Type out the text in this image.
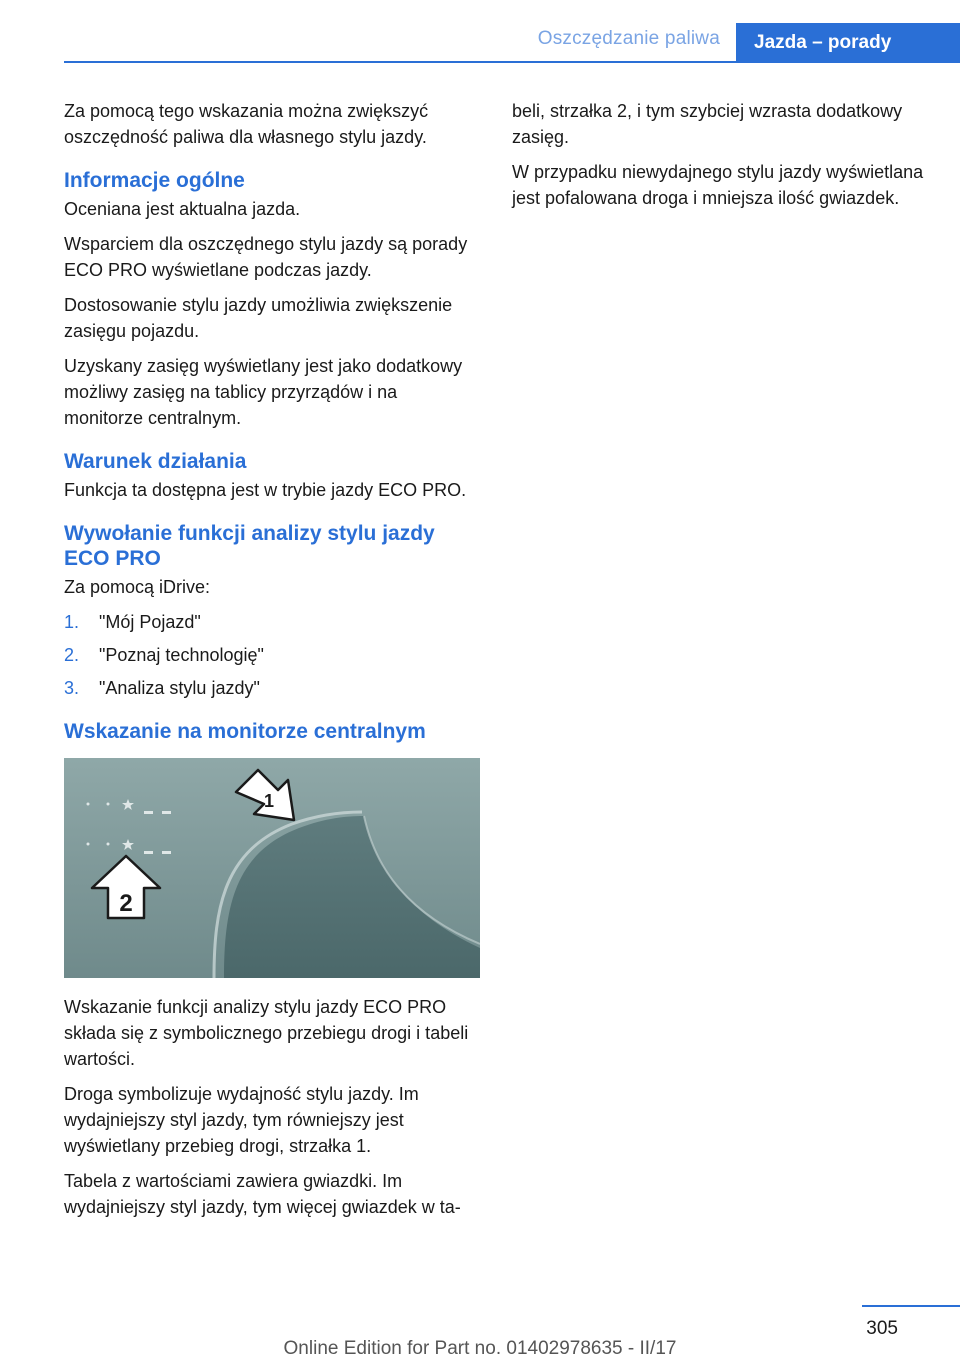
Oszczędzanie paliwa	Jazda – porady

Za pomocą tego wskazania można zwiększyć oszczędność paliwa dla własnego stylu jazdy.

Informacje ogólne

Oceniana jest aktualna jazda.

Wsparciem dla oszczędnego stylu jazdy są porady ECO PRO wyświetlane podczas jazdy.

Dostosowanie stylu jazdy umożliwia zwiększenie zasięgu pojazdu.

Uzyskany zasięg wyświetlany jest jako dodatkowy możliwy zasięg na tablicy przyrządów i na monitorze centralnym.

Warunek działania

Funkcja ta dostępna jest w trybie jazdy ECO PRO.

Wywołanie funkcji analizy stylu jazdy ECO PRO

Za pomocą iDrive:

1.	"Mój Pojazd"
2.	"Poznaj technologię"
3.	"Analiza stylu jazdy"
Wskazanie na monitorze centralnym
1
2

Wskazanie funkcji analizy stylu jazdy ECO PRO składa się z symbolicznego przebiegu drogi i tabeli wartości.

Droga symbolizuje wydajność stylu jazdy. Im wydajniejszy styl jazdy, tym równiejszy jest wyświetlany przebieg drogi, strzałka 1.

Tabela z wartościami zawiera gwiazdki. Im wydajniejszy styl jazdy, tym więcej gwiazdek w ta-

beli, strzałka 2, i tym szybciej wzrasta dodatkowy zasięg.

W przypadku niewydajnego stylu jazdy wyświetlana jest pofalowana droga i mniejsza ilość gwiazdek.

305
Online Edition for Part no. 01402978635 - II/17
